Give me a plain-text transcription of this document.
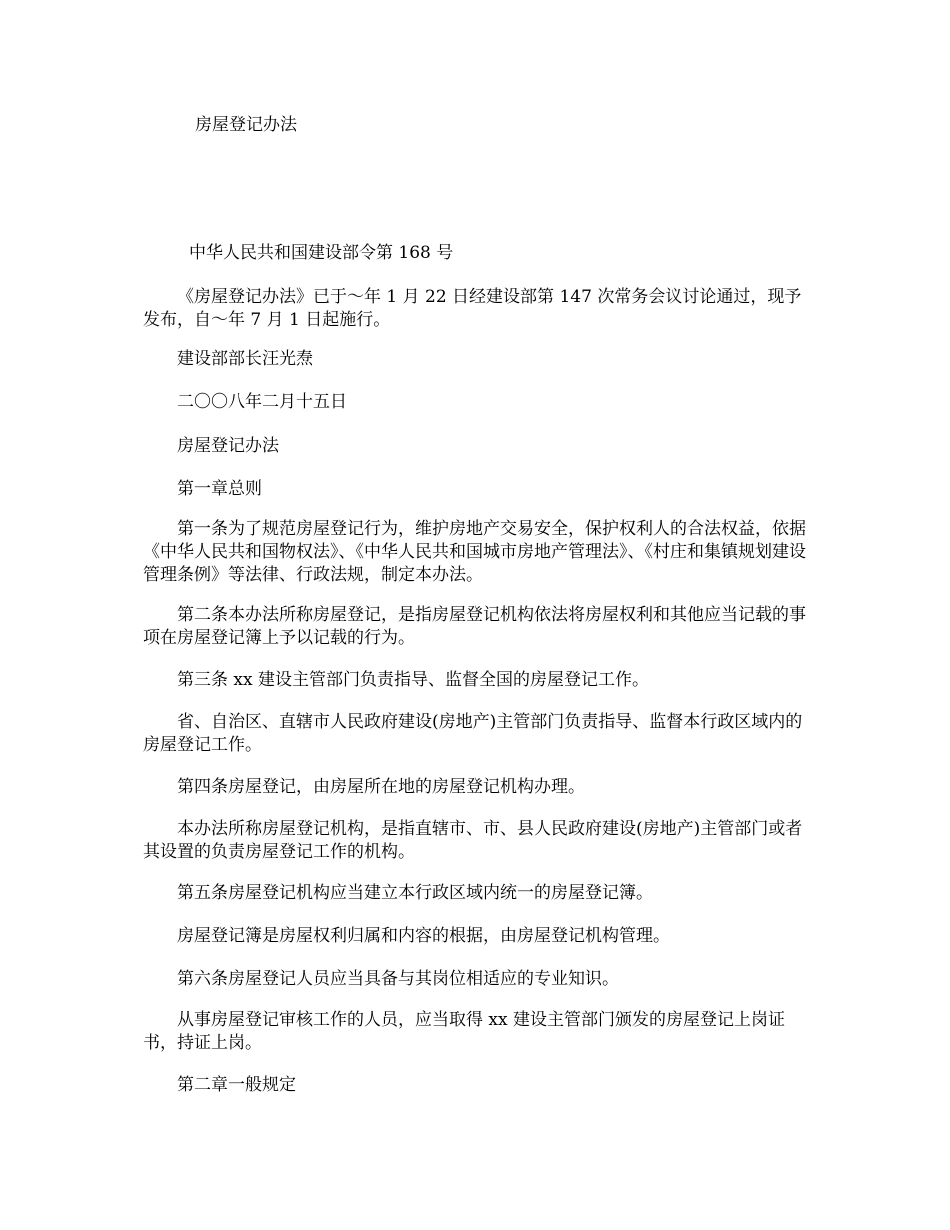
房屋登记办法
中华人民共和国建设部令第 168 号
《房屋登记办法》已于～年 1 月 22 日经建设部第 147 次常务会议讨论通过，现予发布，自～年 7 月 1 日起施行。
建设部部长汪光焘
二〇〇八年二月十五日
房屋登记办法
第一章总则
第一条为了规范房屋登记行为，维护房地产交易安全，保护权利人的合法权益，依据《中华人民共和国物权法》、《中华人民共和国城市房地产管理法》、《村庄和集镇规划建设管理条例》等法律、行政法规，制定本办法。
第二条本办法所称房屋登记，是指房屋登记机构依法将房屋权利和其他应当记载的事项在房屋登记簿上予以记载的行为。
第三条 xx 建设主管部门负责指导、监督全国的房屋登记工作。
省、自治区、直辖市人民政府建设(房地产)主管部门负责指导、监督本行政区域内的房屋登记工作。
第四条房屋登记，由房屋所在地的房屋登记机构办理。
本办法所称房屋登记机构，是指直辖市、市、县人民政府建设(房地产)主管部门或者其设置的负责房屋登记工作的机构。
第五条房屋登记机构应当建立本行政区域内统一的房屋登记簿。
房屋登记簿是房屋权利归属和内容的根据，由房屋登记机构管理。
第六条房屋登记人员应当具备与其岗位相适应的专业知识。
从事房屋登记审核工作的人员，应当取得 xx 建设主管部门颁发的房屋登记上岗证书，持证上岗。
第二章一般规定
